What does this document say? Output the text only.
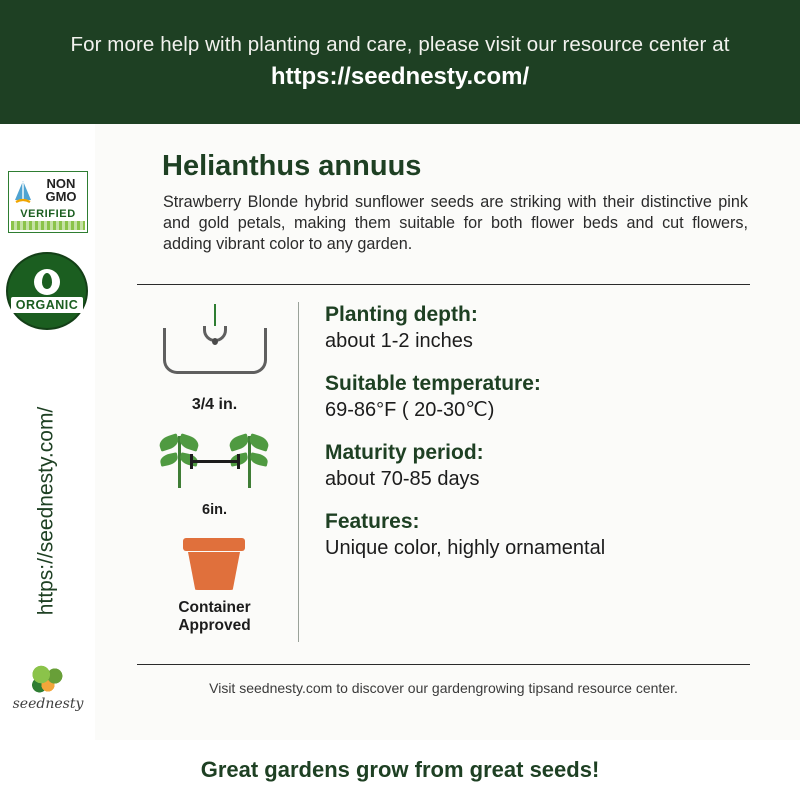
For more help with planting and care, please visit our resource center at
https://seednesty.com/
NON
GMO
VERIFIED
ORGANIC
https://seednesty.com/
seednesty
Helianthus annuus
Strawberry Blonde hybrid sunflower seeds are striking with their distinctive pink and gold petals, making them suitable for both flower beds and cut flowers, adding vibrant color to any garden.
3/4 in.
6in.
Container
Approved
Planting depth:
about 1-2 inches
Suitable temperature:
69-86°F ( 20-30℃)
Maturity period:
about 70-85 days
Features:
Unique color, highly ornamental
Visit seednesty.com to discover our gardengrowing tipsand resource center.
Great gardens grow from great seeds!
